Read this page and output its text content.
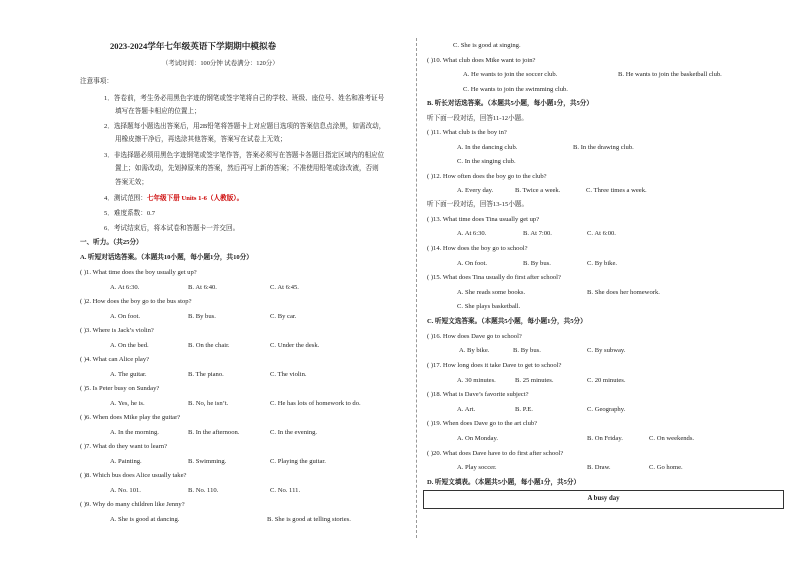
2023-2024学年七年级英语下学期期中模拟卷
（考试时间：100分钟 试卷满分：120分）
注意事项：
1．答卷前，考生务必用黑色字迹的钢笔或签字笔将自己的学校、班级、座位号、姓名和准考证号
填写在答题卡相应的位置上；
2．选择题每小题选出答案后，用2B铅笔将答题卡上对应题目选项的答案信息点涂黑，如需改动，
用橡皮擦干净后，再选涂其他答案，答案写在试卷上无效；
3．非选择题必须用黑色字迹钢笔或签字笔作答，答案必须写在答题卡各题目指定区域内的相应位
置上；如需改动，先划掉原来的答案，然后再写上新的答案；不准使用铅笔或涂改液，否则
答案无效；
4．测试范围：七年级下册 Units 1-6（人教版）。
5．难度系数：0.7
6．考试结束后，将本试卷和答题卡一并交回。
一、听力。（共25分）
A. 听短对话选答案。（本题共10小题，每小题1分，共10分）
( )1. What time does the boy usually get up?
A. At 6:30.	B. At 6:40.	C. At 6:45.
( )2. How does the boy go to the bus stop?
A. On foot.	B. By bus.	C. By car.
( )3. Where is Jack’s violin?
A. On the bed.	B. On the chair.	C. Under the desk.
( )4. What can Alice play?
A. The guitar.	B. The piano.	C. The violin.
( )5. Is Peter busy on Sunday?
A. Yes, he is.	B. No, he isn’t.	C. He has lots of homework to do.
( )6. When does Mike play the guitar?
A. In the morning.	B. In the afternoon.	C. In the evening.
( )7. What do they want to learn?
A. Painting.	B. Swimming.	C. Playing the guitar.
( )8. Which bus does Alice usually take?
A. No. 101.	B. No. 110.	C. No. 111.
( )9. Why do many children like Jenny?
A. She is good at dancing.	B. She is good at telling stories.
C. She is good at singing.
( )10. What club does Mike want to join?
A. He wants to join the soccer club.	B. He wants to join the basketball club.
C. He wants to join the swimming club.
B. 听长对话选答案。（本题共5小题，每小题1分，共5分）
听下面一段对话，回答11-12小题。
( )11. What club is the boy in?
A. In the dancing club.	B. In the drawing club.
C. In the singing club.
( )12. How often does the boy go to the club?
A. Every day.	B. Twice a week.	C. Three times a week.
听下面一段对话，回答13-15小题。
( )13. What time does Tina usually get up?
A. At 6:30.	B. At 7:00.	C. At 6:00.
( )14. How does the boy go to school?
A. On foot.	B. By bus.	C. By bike.
( )15. What does Tina usually do first after school?
A. She reads some books.	B. She does her homework.
C. She plays basketball.
C. 听短文选答案。（本题共5小题，每小题1分，共5分）
( )16. How does Dave go to school?
A. By bike.	B. By bus.	C. By subway.
( )17. How long does it take Dave to get to school?
A. 30 minutes.	B. 25 minutes.	C. 20 minutes.
( )18. What is Dave’s favorite subject?
A. Art.	B. P.E.	C. Geography.
( )19. When does Dave go to the art club?
A. On Monday.	B. On Friday.	C. On weekends.
( )20. What does Dave have to do first after school?
A. Play soccer.	B. Draw.	C. Go home.
D. 听短文填表。（本题共5小题，每小题1分，共5分）
A busy day
